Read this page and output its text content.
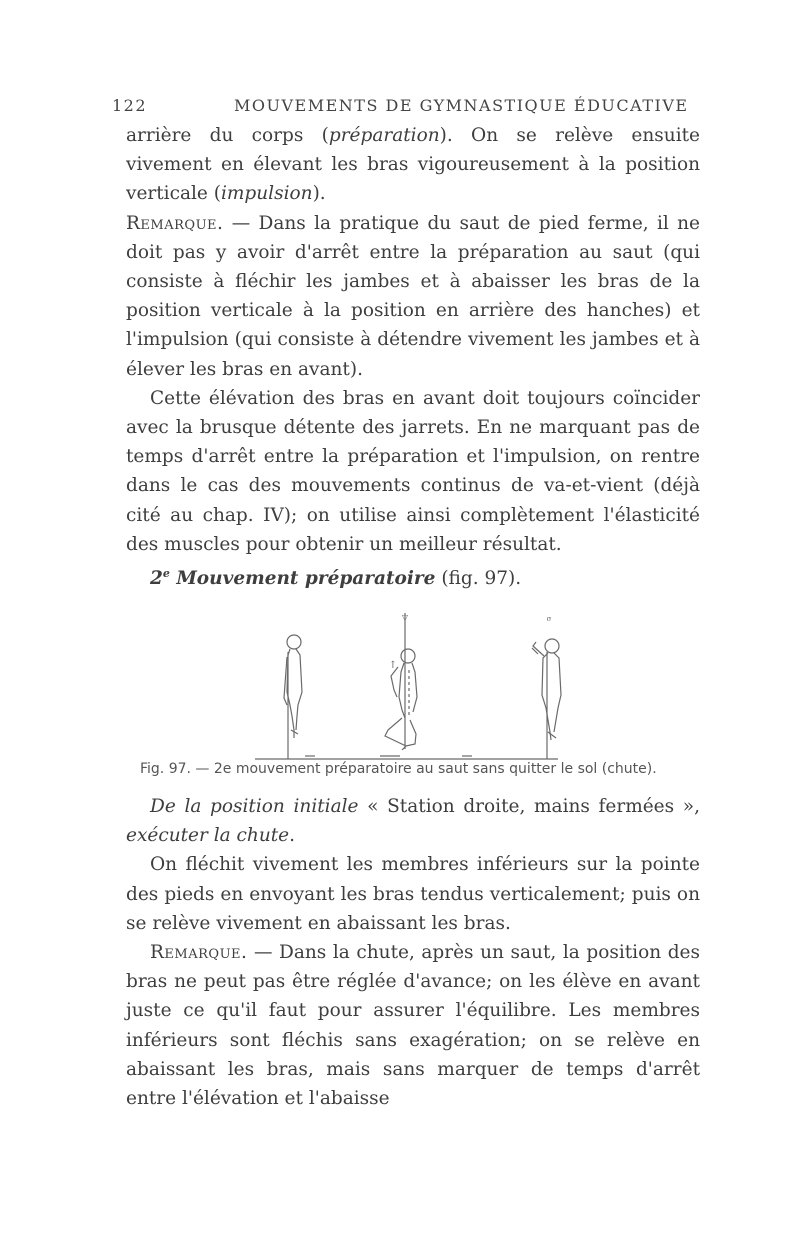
122	MOUVEMENTS DE GYMNASTIQUE ÉDUCATIVE

arrière du corps (préparation). On se relève ensuite vivement en élevant les bras vigoureusement à la position verticale (impulsion).

Remarque. — Dans la pratique du saut de pied ferme, il ne doit pas y avoir d'arrêt entre la préparation au saut (qui consiste à fléchir les jambes et à abaisser les bras de la position verticale à la position en arrière des hanches) et l'impulsion (qui consiste à détendre vivement les jambes et à élever les bras en avant).

Cette élévation des bras en avant doit toujours coïncider avec la brusque détente des jarrets. En ne marquant pas de temps d'arrêt entre la préparation et l'impulsion, on rentre dans le cas des mouvements continus de va-et-vient (déjà cité au chap. IV); on utilise ainsi complètement l'élasticité des muscles pour obtenir un meilleur résultat.

2e Mouvement préparatoire (fig. 97).

▽	σ
↑
Fig. 97. — 2e mouvement préparatoire au saut sans quitter le sol (chute).

De la position initiale « Station droite, mains fermées », exécuter la chute.

On fléchit vivement les membres inférieurs sur la pointe des pieds en envoyant les bras tendus verticalement; puis on se relève vivement en abaissant les bras.

Remarque. — Dans la chute, après un saut, la position des bras ne peut pas être réglée d'avance; on les élève en avant juste ce qu'il faut pour assurer l'équilibre. Les membres inférieurs sont fléchis sans exagération; on se relève en abaissant les bras, mais sans marquer de temps d'arrêt entre l'élévation et l'abaisse
